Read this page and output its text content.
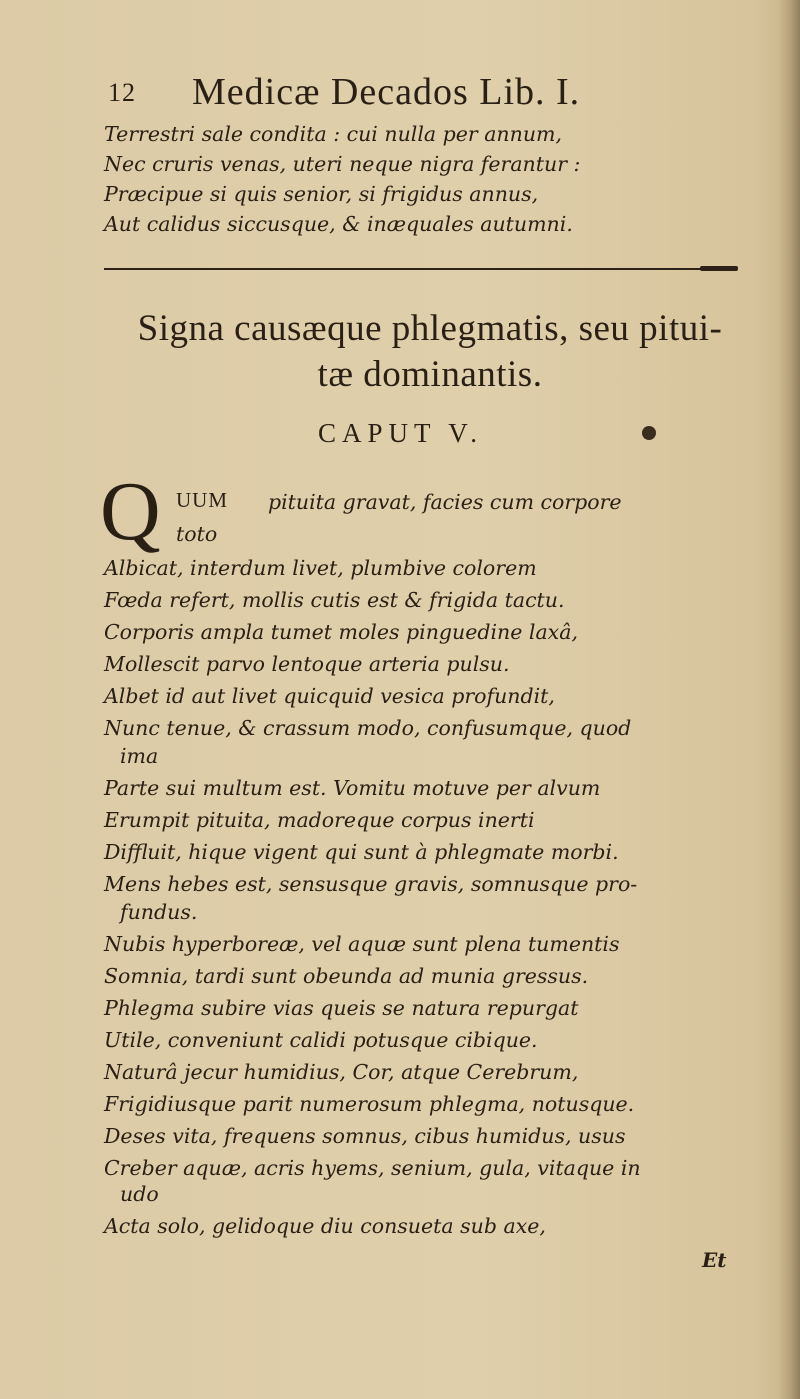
12 Medicæ Decados Lib. I.
Terrestri sale condita : cui nulla per annum,
Nec cruris venas, uteri neque nigra ferantur :
Præcipue si quis senior, si frigidus annus,
Aut calidus siccusque, & inæquales autumni.
Signa causæque phlegmatis, seu pitui-
tæ dominantis.
CAPUT V.
Q UUM pituita gravat, facies cum corpore
toto
Albicat, interdum livet, plumbive colorem
Fœda refert, mollis cutis est & frigida tactu.
Corporis ampla tumet moles pinguedine laxâ,
Mollescit parvo lentoque arteria pulsu.
Albet id aut livet quicquid vesica profundit,
Nunc tenue, & crassum modo, confusumque, quod
ima
Parte sui multum est. Vomitu motuve per alvum
Erumpit pituita, madoreque corpus inerti
Diffluit, hique vigent qui sunt à phlegmate morbi.
Mens hebes est, sensusque gravis, somnusque pro-
fundus.
Nubis hyperboreæ, vel aquæ sunt plena tumentis
Somnia, tardi sunt obeunda ad munia gressus.
Phlegma subire vias queis se natura repurgat
Utile, conveniunt calidi potusque cibique.
Naturâ jecur humidius, Cor, atque Cerebrum,
Frigidiusque parit numerosum phlegma, notusque.
Deses vita, frequens somnus, cibus humidus, usus
Creber aquæ, acris hyems, senium, gula, vitaque in
udo
Acta solo, gelidoque diu consueta sub axe,
Et
